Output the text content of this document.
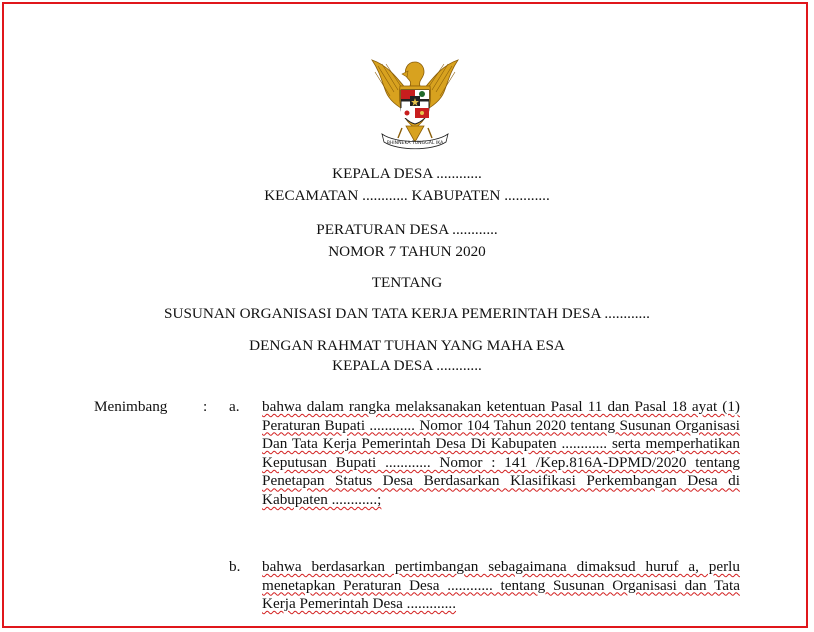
BHINNEKA TUNGGAL IKA
KEPALA DESA ............
KECAMATAN ............ KABUPATEN ............
PERATURAN DESA ............
NOMOR 7 TAHUN 2020
TENTANG
SUSUNAN ORGANISASI DAN TATA KERJA PEMERINTAH DESA ............
DENGAN RAHMAT TUHAN YANG MAHA ESA
KEPALA DESA ............
Menimbang : a. bahwa dalam rangka melaksanakan ketentuan Pasal 11 dan Pasal 18 ayat (1) Peraturan Bupati ............ Nomor 104 Tahun 2020 tentang Susunan Organisasi Dan Tata Kerja Pemerintah Desa Di Kabupaten ............ serta memperhatikan Keputusan Bupati ............ Nomor : 141 /Kep.816A-DPMD/2020 tentang Penetapan Status Desa Berdasarkan Klasifikasi Perkembangan Desa di Kabupaten ............;
b. bahwa berdasarkan pertimbangan sebagaimana dimaksud huruf a, perlu menetapkan Peraturan Desa ............ tentang Susunan Organisasi dan Tata Kerja Pemerintah Desa .............
